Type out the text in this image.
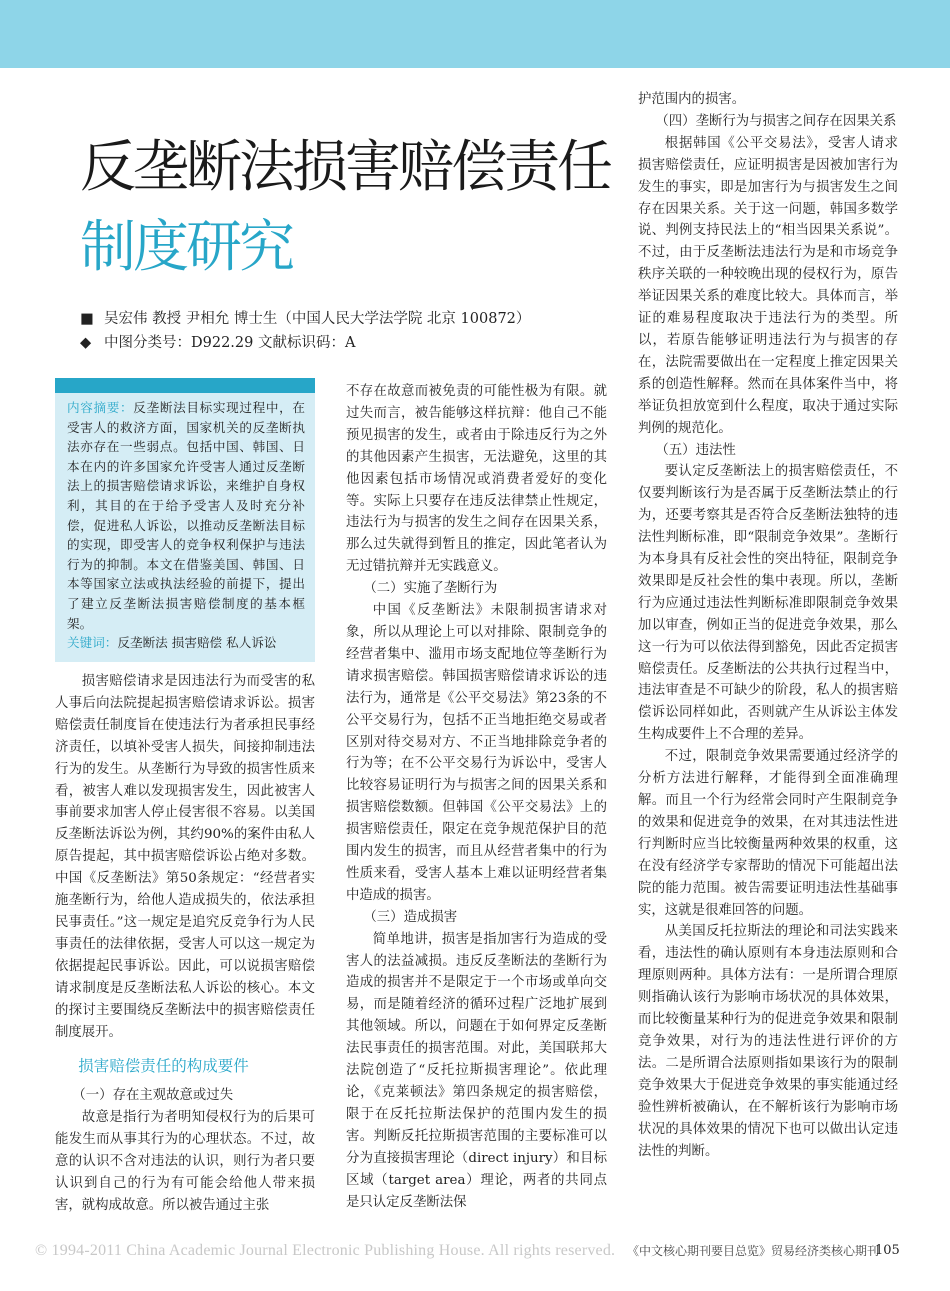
反垄断法损害赔偿责任
制度研究
■ 吴宏伟 教授 尹相允 博士生（中国人民大学法学院 北京 100872）
◆ 中图分类号：D922.29 文献标识码：A
内容摘要：反垄断法目标实现过程中，在受害人的救济方面，国家机关的反垄断执法亦存在一些弱点。包括中国、韩国、日本在内的许多国家允许受害人通过反垄断法上的损害赔偿请求诉讼，来维护自身权利，其目的在于给予受害人及时充分补偿，促进私人诉讼，以推动反垄断法目标的实现，即受害人的竞争权利保护与违法行为的抑制。本文在借鉴美国、韩国、日本等国家立法或执法经验的前提下，提出了建立反垄断法损害赔偿制度的基本框架。
关键词：反垄断法 损害赔偿 私人诉讼

损害赔偿请求是因违法行为而受害的私人事后向法院提起损害赔偿请求诉讼。损害赔偿责任制度旨在使违法行为者承担民事经济责任，以填补受害人损失，间接抑制违法行为的发生。从垄断行为导致的损害性质来看，被害人难以发现损害发生，因此被害人事前要求加害人停止侵害很不容易。以美国反垄断法诉讼为例，其约90%的案件由私人原告提起，其中损害赔偿诉讼占绝对多数。中国《反垄断法》第50条规定：“经营者实施垄断行为，给他人造成损失的，依法承担民事责任。”这一规定是追究反竞争行为人民事责任的法律依据，受害人可以这一规定为依据提起民事诉讼。因此，可以说损害赔偿请求制度是反垄断法私人诉讼的核心。本文的探讨主要围绕反垄断法中的损害赔偿责任制度展开。

损害赔偿责任的构成要件

（一）存在主观故意或过失

故意是指行为者明知侵权行为的后果可能发生而从事其行为的心理状态。不过，故意的认识不含对违法的认识，则行为者只要认识到自己的行为有可能会给他人带来损害，就构成故意。所以被告通过主张

不存在故意而被免责的可能性极为有限。就过失而言，被告能够这样抗辩：他自己不能预见损害的发生，或者由于除违反行为之外的其他因素产生损害，无法避免，这里的其他因素包括市场情况或消费者爱好的变化等。实际上只要存在违反法律禁止性规定，违法行为与损害的发生之间存在因果关系，那么过失就得到暂且的推定，因此笔者认为无过错抗辩并无实践意义。

（二）实施了垄断行为

中国《反垄断法》未限制损害请求对象，所以从理论上可以对排除、限制竞争的经营者集中、滥用市场支配地位等垄断行为请求损害赔偿。韩国损害赔偿请求诉讼的违法行为，通常是《公平交易法》第23条的不公平交易行为，包括不正当地拒绝交易或者区别对待交易对方、不正当地排除竞争者的行为等；在不公平交易行为诉讼中，受害人比较容易证明行为与损害之间的因果关系和损害赔偿数额。但韩国《公平交易法》上的损害赔偿责任，限定在竞争规范保护目的范围内发生的损害，而且从经营者集中的行为性质来看，受害人基本上难以证明经营者集中造成的损害。

（三）造成损害

简单地讲，损害是指加害行为造成的受害人的法益减损。违反反垄断法的垄断行为造成的损害并不是限定于一个市场或单向交易，而是随着经济的循环过程广泛地扩展到其他领域。所以，问题在于如何界定反垄断法民事责任的损害范围。对此，美国联邦大法院创造了“反托拉斯损害理论”。依此理论，《克莱顿法》第四条规定的损害赔偿，限于在反托拉斯法保护的范围内发生的损害。判断反托拉斯损害范围的主要标准可以分为直接损害理论（direct injury）和目标区域（target area）理论，两者的共同点是只认定反垄断法保

护范围内的损害。

（四）垄断行为与损害之间存在因果关系

根据韩国《公平交易法》，受害人请求损害赔偿责任，应证明损害是因被加害行为发生的事实，即是加害行为与损害发生之间存在因果关系。关于这一问题，韩国多数学说、判例支持民法上的“相当因果关系说”。不过，由于反垄断法违法行为是和市场竞争秩序关联的一种较晚出现的侵权行为，原告举证因果关系的难度比较大。具体而言，举证的难易程度取决于违法行为的类型。所以，若原告能够证明违法行为与损害的存在，法院需要做出在一定程度上推定因果关系的创造性解释。然而在具体案件当中，将举证负担放宽到什么程度，取决于通过实际判例的规范化。

（五）违法性

要认定反垄断法上的损害赔偿责任，不仅要判断该行为是否属于反垄断法禁止的行为，还要考察其是否符合反垄断法独特的违法性判断标准，即“限制竞争效果”。垄断行为本身具有反社会性的突出特征，限制竞争效果即是反社会性的集中表现。所以，垄断行为应通过违法性判断标准即限制竞争效果加以审查，例如正当的促进竞争效果，那么这一行为可以依法得到豁免，因此否定损害赔偿责任。反垄断法的公共执行过程当中，违法审查是不可缺少的阶段，私人的损害赔偿诉讼同样如此，否则就产生从诉讼主体发生构成要件上不合理的差异。

不过，限制竞争效果需要通过经济学的分析方法进行解释，才能得到全面准确理解。而且一个行为经常会同时产生限制竞争的效果和促进竞争的效果，在对其违法性进行判断时应当比较衡量两种效果的权重，这在没有经济学专家帮助的情况下可能超出法院的能力范围。被告需要证明违法性基础事实，这就是很难回答的问题。

从美国反托拉斯法的理论和司法实践来看，违法性的确认原则有本身违法原则和合理原则两种。具体方法有：一是所谓合理原则指确认该行为影响市场状况的具体效果，而比较衡量某种行为的促进竞争效果和限制竞争效果，对行为的违法性进行评价的方法。二是所谓合法原则指如果该行为的限制竞争效果大于促进竞争效果的事实能通过经验性辨析被确认，在不解析该行为影响市场状况的具体效果的情况下也可以做出认定违法性的判断。

© 1994-2011 China Academic Journal Electronic Publishing House. All rights reserved. 《中文核心期刊要目总览》贸易经济类核心期刊
105
